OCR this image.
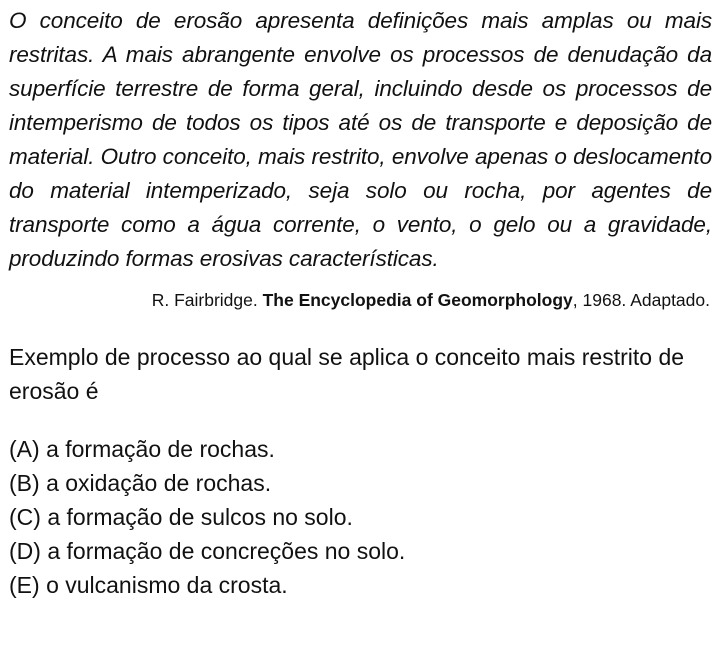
O conceito de erosão apresenta definições mais amplas ou mais restritas. A mais abrangente envolve os processos de denudação da superfície terrestre de forma geral, incluindo desde os processos de intemperismo de todos os tipos até os de transporte e deposição de material. Outro conceito, mais restrito, envolve apenas o deslocamento do material intemperizado, seja solo ou rocha, por agentes de transporte como a água corrente, o vento, o gelo ou a gravidade, produzindo formas erosivas características.

R. Fairbridge. The Encyclopedia of Geomorphology, 1968. Adaptado.

Exemplo de processo ao qual se aplica o conceito mais restrito de erosão é

(A) a formação de rochas.
(B) a oxidação de rochas.
(C) a formação de sulcos no solo.
(D) a formação de concreções no solo.
(E) o vulcanismo da crosta.
